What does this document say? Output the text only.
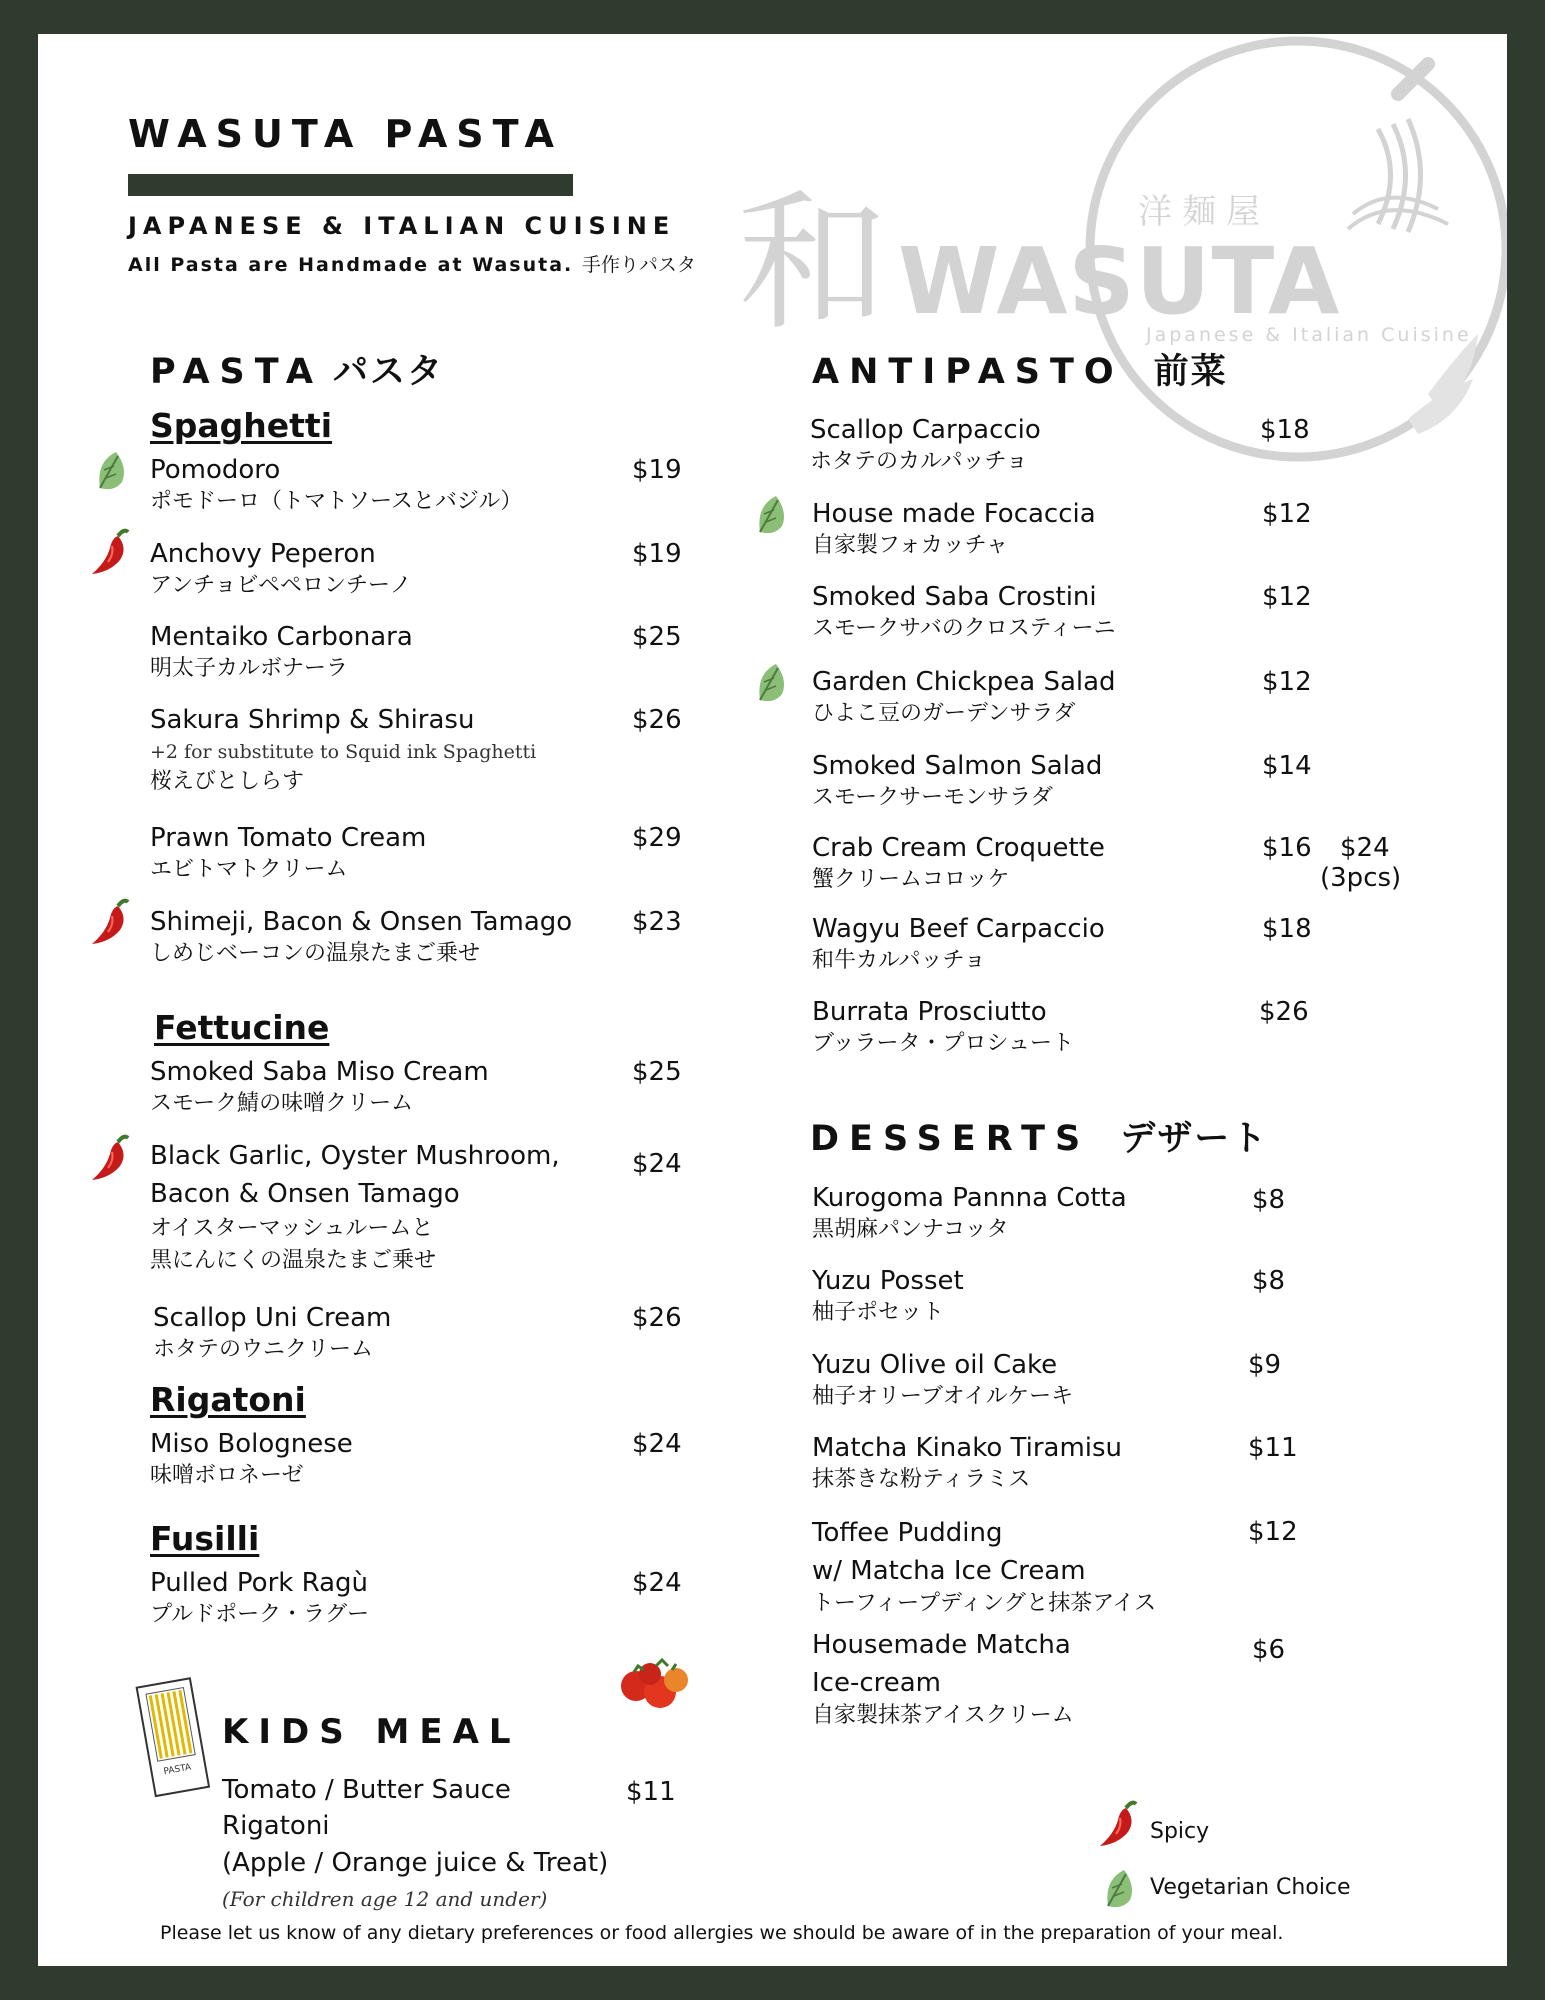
和	洋麺屋
WASUTA
Japanese & Italian Cuisine
WASUTA PASTA
JAPANESE & ITALIAN CUISINE
All Pasta are Handmade at Wasuta. 手作りパスタ
PASTA パスタ
Spaghetti
Pomodoro
ポモドーロ（トマトソースとバジル）
$19
Anchovy Peperon
アンチョビペペロンチーノ
$19
Mentaiko Carbonara
明太子カルボナーラ
$25
Sakura Shrimp & Shirasu
+2 for substitute to Squid ink Spaghetti
桜えびとしらす
$26
Prawn Tomato Cream
エビトマトクリーム
$29
Shimeji, Bacon & Onsen Tamago
しめじベーコンの温泉たまご乗せ
$23
Fettucine
Smoked Saba Miso Cream
スモーク鯖の味噌クリーム
$25
Black Garlic, Oyster Mushroom,
Bacon & Onsen Tamago
オイスターマッシュルームと
黒にんにくの温泉たまご乗せ
$24
Scallop Uni Cream
ホタテのウニクリーム
$26
Rigatoni
Miso Bolognese
味噌ボロネーゼ
$24
Fusilli
Pulled Pork Ragù
プルドポーク・ラグー
$24
PASTA
KIDS MEAL
Tomato / Butter Sauce
Rigatoni
(Apple / Orange juice & Treat)
(For children age 12 and under)
$11
ANTIPASTO 前菜
Scallop Carpaccio
ホタテのカルパッチョ
$18
House made Focaccia
自家製フォカッチャ
$12
Smoked Saba Crostini
スモークサバのクロスティーニ
$12
Garden Chickpea Salad
ひよこ豆のガーデンサラダ
$12
Smoked Salmon Salad
スモークサーモンサラダ
$14
Crab Cream Croquette
蟹クリームコロッケ
$16 $24
(3pcs)
Wagyu Beef Carpaccio
和牛カルパッチョ
$18
Burrata Prosciutto
ブッラータ・プロシュート
$26
DESSERTS デザート
Kurogoma Pannna Cotta
黒胡麻パンナコッタ
$8
Yuzu Posset
柚子ポセット
$8
Yuzu Olive oil Cake
柚子オリーブオイルケーキ
$9
Matcha Kinako Tiramisu
抹茶きな粉ティラミス
$11
Toffee Pudding
w/ Matcha Ice Cream
トーフィープディングと抹茶アイス
$12
Housemade Matcha
Ice-cream
自家製抹茶アイスクリーム
$6
Spicy
Vegetarian Choice
Please let us know of any dietary preferences or food allergies we should be aware of in the preparation of your meal.
